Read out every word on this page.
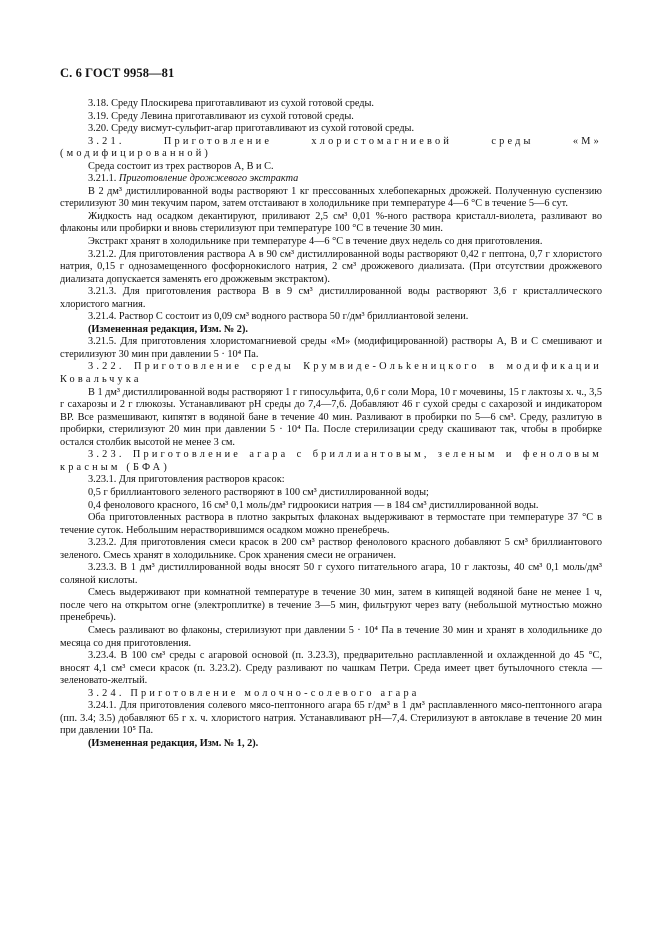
С. 6 ГОСТ 9958—81

3.18. Среду Плоскирева приготавливают из сухой готовой среды.

3.19. Среду Левина приготавливают из сухой готовой среды.

3.20. Среду висмут-сульфит-агар приготавливают из сухой готовой среды.

3.21. Приготовление хлористомагниевой среды «М» (модифицированной)

Среда состоит из трех растворов А, В и С.

3.21.1. Приготовление дрожжевого экстракта

В 2 дм³ дистиллированной воды растворяют 1 кг прессованных хлебопекарных дрожжей. Полученную суспензию стерилизуют 30 мин текучим паром, затем отстаивают в холодильнике при температуре 4—6 °С в течение 5—6 сут.

Жидкость над осадком декантируют, приливают 2,5 см³ 0,01 %-ного раствора кристалл-виолета, разливают во флаконы или пробирки и вновь стерилизуют при температуре 100 °С в течение 30 мин.

Экстракт хранят в холодильнике при температуре 4—6 °С в течение двух недель со дня приготовления.

3.21.2. Для приготовления раствора А в 90 см³ дистиллированной воды растворяют 0,42 г пептона, 0,7 г хлористого натрия, 0,15 г однозамещенного фосфорнокислого натрия, 2 см³ дрожжевого диализата. (При отсутствии дрожжевого диализата допускается заменять его дрожжевым экстрактом).

3.21.3. Для приготовления раствора В в 9 см³ дистиллированной воды растворяют 3,6 г кристаллического хлористого магния.

3.21.4. Раствор С состоит из 0,09 см³ водного раствора 50 г/дм³ бриллиантовой зелени.

(Измененная редакция, Изм. № 2).

3.21.5. Для приготовления хлористомагниевой среды «М» (модифицированной) растворы А, В и С смешивают и стерилизуют 30 мин при давлении 5 · 10⁴ Па.

3.22. Приготовление среды Крумвиде-Ольkеницкого в модификации Ковальчука

В 1 дм³ дистиллированной воды растворяют 1 г гипосульфита, 0,6 г соли Мора, 10 г мочевины, 15 г лактозы х. ч., 3,5 г сахарозы и 2 г глюкозы. Устанавливают рН среды до 7,4—7,6. Добавляют 46 г сухой среды с сахарозой и индикатором ВР. Все размешивают, кипятят в водяной бане в течение 40 мин. Разливают в пробирки по 5—6 см³. Среду, разлитую в пробирки, стерилизуют 20 мин при давлении 5 · 10⁴ Па. После стерилизации среду скашивают так, чтобы в пробирке остался столбик высотой не менее 3 см.

3.23. Приготовление агара с бриллиантовым, зеленым и феноловым красным (БФА)

3.23.1. Для приготовления растворов красок:

0,5 г бриллиантового зеленого растворяют в 100 см³ дистиллированной воды;

0,4 фенолового красного, 16 см³ 0,1 моль/дм³ гидроокиси натрия — в 184 см³ дистиллированной воды.

Оба приготовленных раствора в плотно закрытых флаконах выдерживают в термостате при температуре 37 °С в течение суток. Небольшим нерастворившимся осадком можно пренебречь.

3.23.2. Для приготовления смеси красок в 200 см³ раствор фенолового красного добавляют 5 см³ бриллиантового зеленого. Смесь хранят в холодильнике. Срок хранения смеси не ограничен.

3.23.3. В 1 дм³ дистиллированной воды вносят 50 г сухого питательного агара, 10 г лактозы, 40 см³ 0,1 моль/дм³ соляной кислоты.

Смесь выдерживают при комнатной температуре в течение 30 мин, затем в кипящей водяной бане не менее 1 ч, после чего на открытом огне (электроплитке) в течение 3—5 мин, фильтруют через вату (небольшой мутностью можно пренебречь).

Смесь разливают во флаконы, стерилизуют при давлении 5 · 10⁴ Па в течение 30 мин и хранят в холодильнике до месяца со дня приготовления.

3.23.4. В 100 см³ среды с агаровой основой (п. 3.23.3), предварительно расплавленной и охлажденной до 45 °С, вносят 4,1 см³ смеси красок (п. 3.23.2). Среду разливают по чашкам Петри. Среда имеет цвет бутылочного стекла — зеленовато-желтый.

3.24. Приготовление молочно-солевого агара

3.24.1. Для приготовления солевого мясо-пептонного агара 65 г/дм³ в 1 дм³ расплавленного мясо-пептонного агара (пп. 3.4; 3.5) добавляют 65 г х. ч. хлористого натрия. Устанавливают рН—7,4. Стерилизуют в автоклаве в течение 20 мин при давлении 10⁵ Па.

(Измененная редакция, Изм. № 1, 2).
